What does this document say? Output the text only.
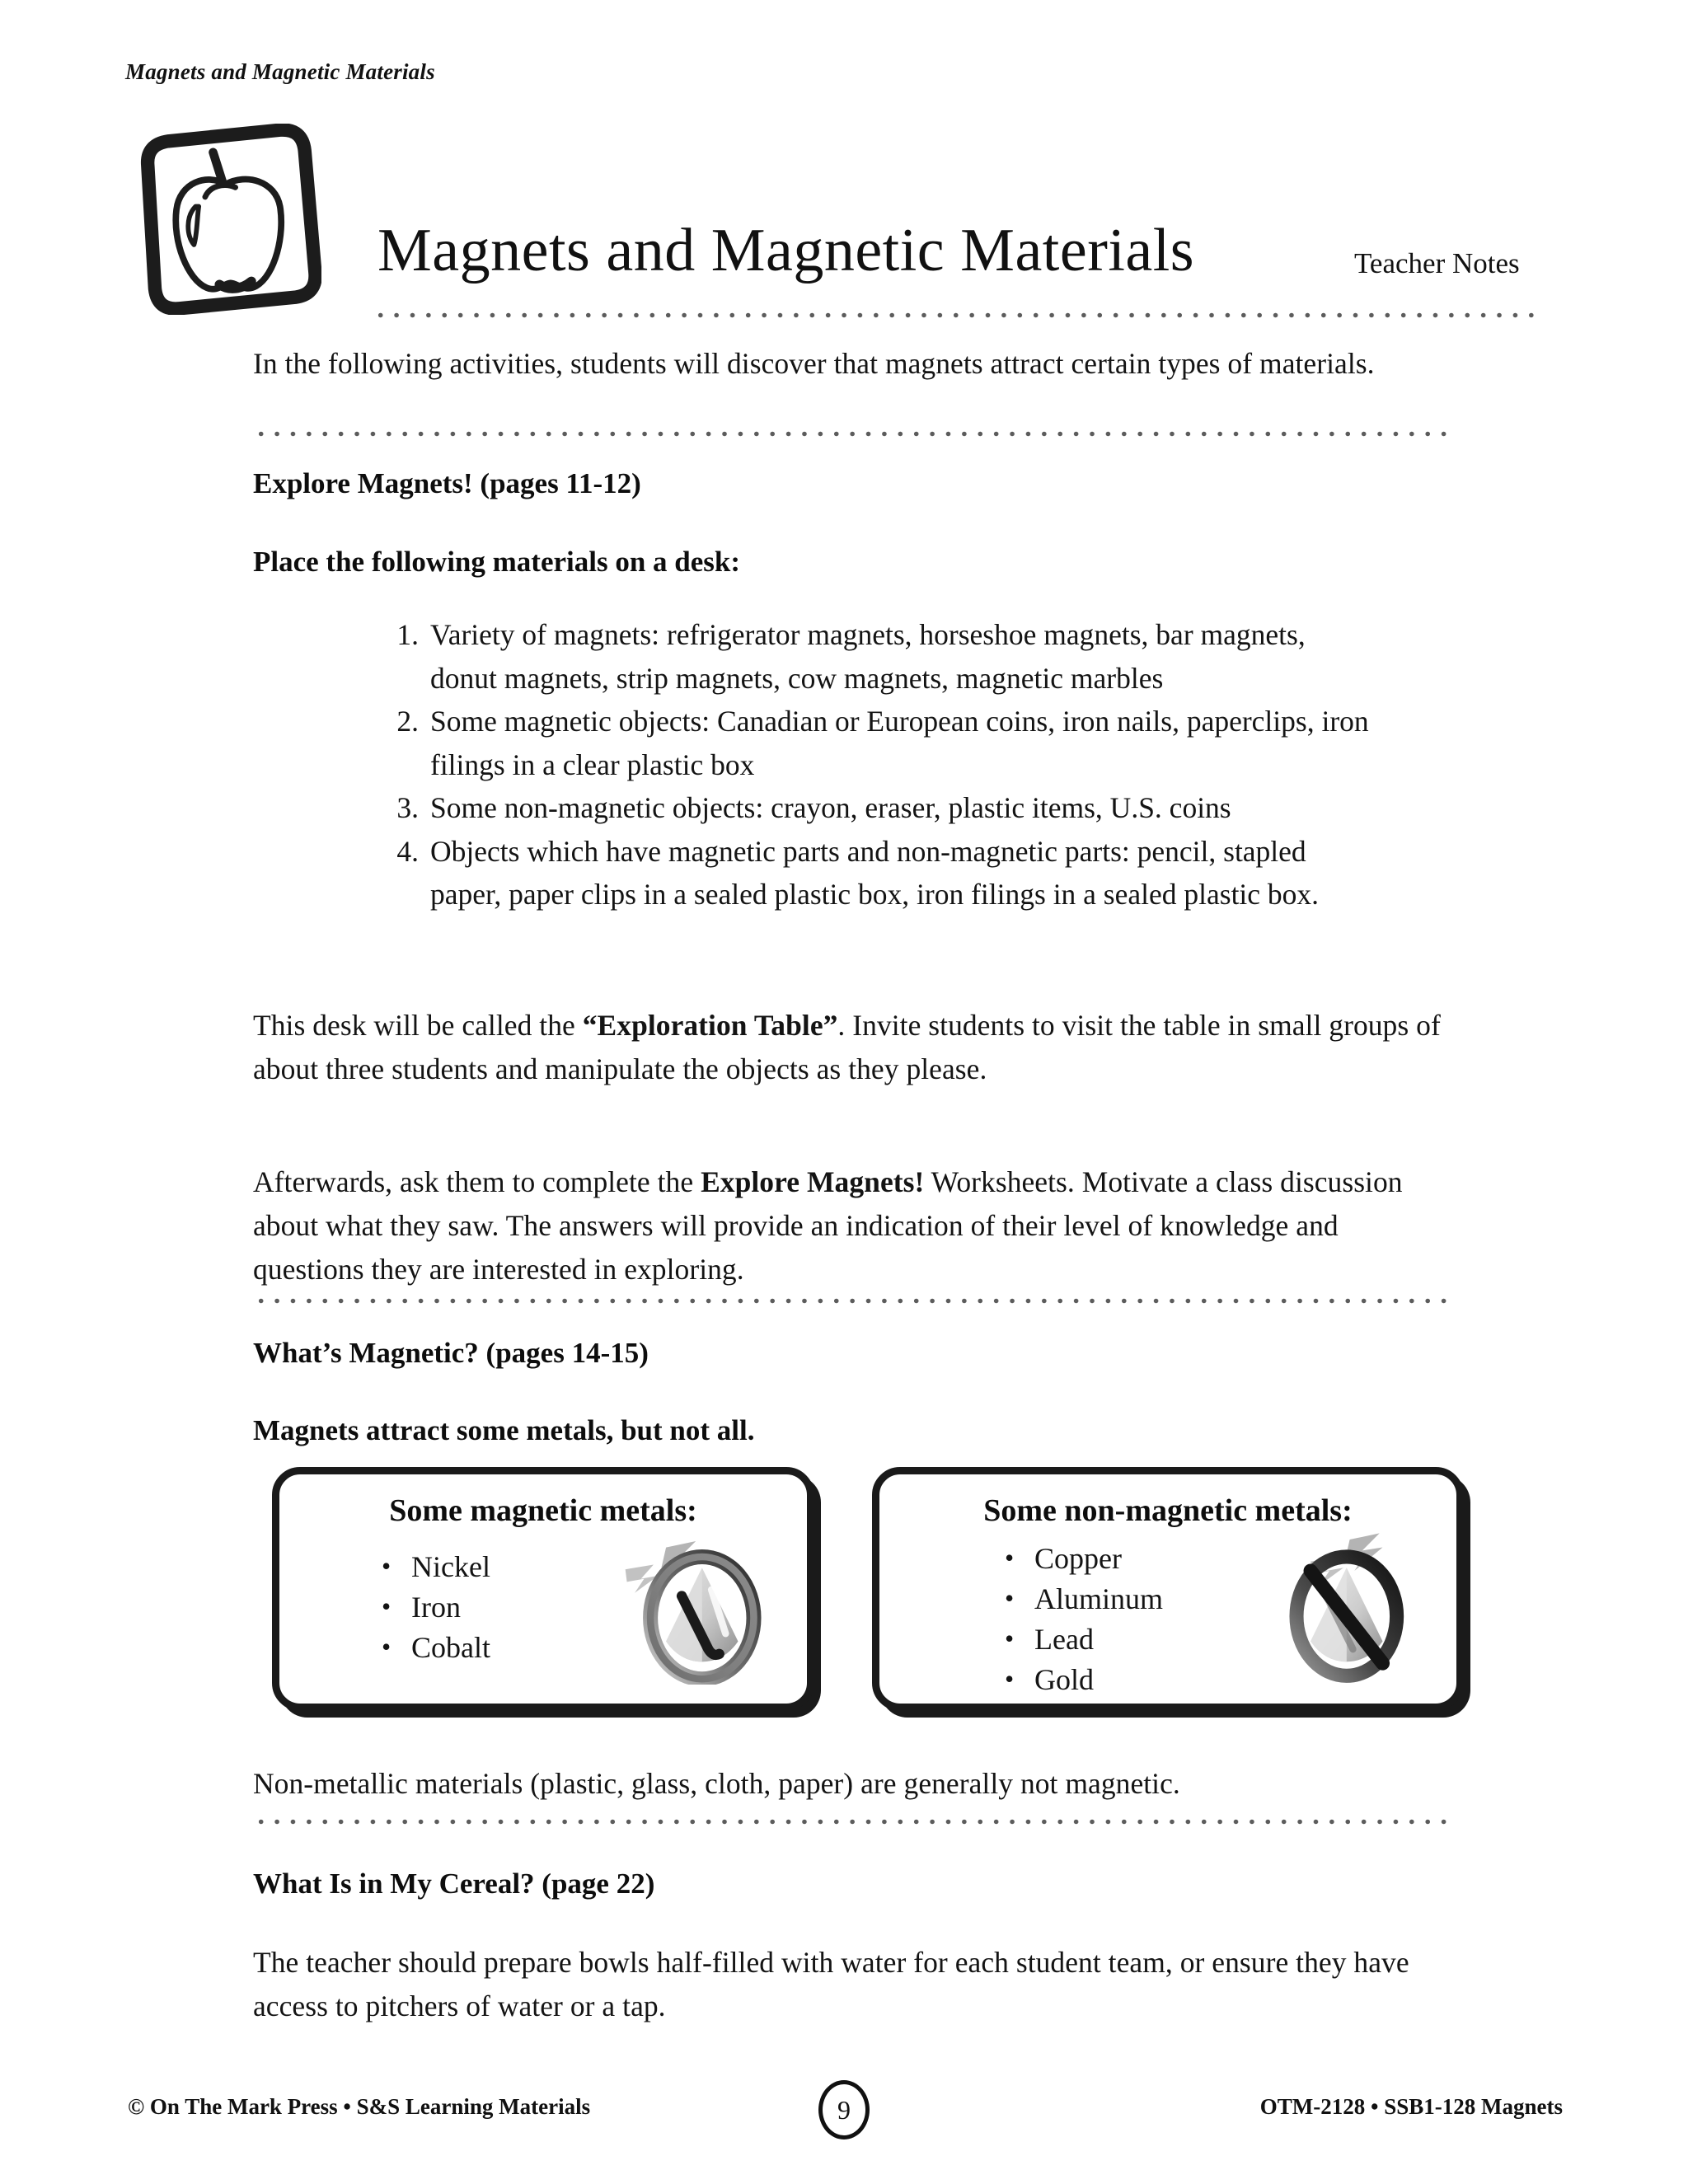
Magnets and Magnetic Materials
Magnets and Magnetic Materials	Teacher Notes
In the following activities, students will discover that magnets attract certain types of materials.
Explore Magnets! (pages 11-12)
Place the following materials on a desk:
1. Variety of magnets: refrigerator magnets, horseshoe magnets, bar magnets, donut magnets, strip magnets, cow magnets, magnetic marbles
2. Some magnetic objects: Canadian or European coins, iron nails, paperclips, iron filings in a clear plastic box
3. Some non-magnetic objects: crayon, eraser, plastic items, U.S. coins
4. Objects which have magnetic parts and non-magnetic parts: pencil, stapled paper, paper clips in a sealed plastic box, iron filings in a sealed plastic box.
This desk will be called the “Exploration Table”. Invite students to visit the table in small groups of about three students and manipulate the objects as they please.
Afterwards, ask them to complete the Explore Magnets! Worksheets. Motivate a class discussion about what they saw. The answers will provide an indication of their level of knowledge and questions they are interested in exploring.
What’s Magnetic? (pages 14-15)
Magnets attract some metals, but not all.
Some magnetic metals:
• Nickel
• Iron
• Cobalt
Some non-magnetic metals:
• Copper
• Aluminum
• Lead
• Gold
Non-metallic materials (plastic, glass, cloth, paper) are generally not magnetic.
What Is in My Cereal? (page 22)
The teacher should prepare bowls half-filled with water for each student team, or ensure they have access to pitchers of water or a tap.
© On The Mark Press • S&S Learning Materials	9	OTM-2128 • SSB1-128 Magnets
